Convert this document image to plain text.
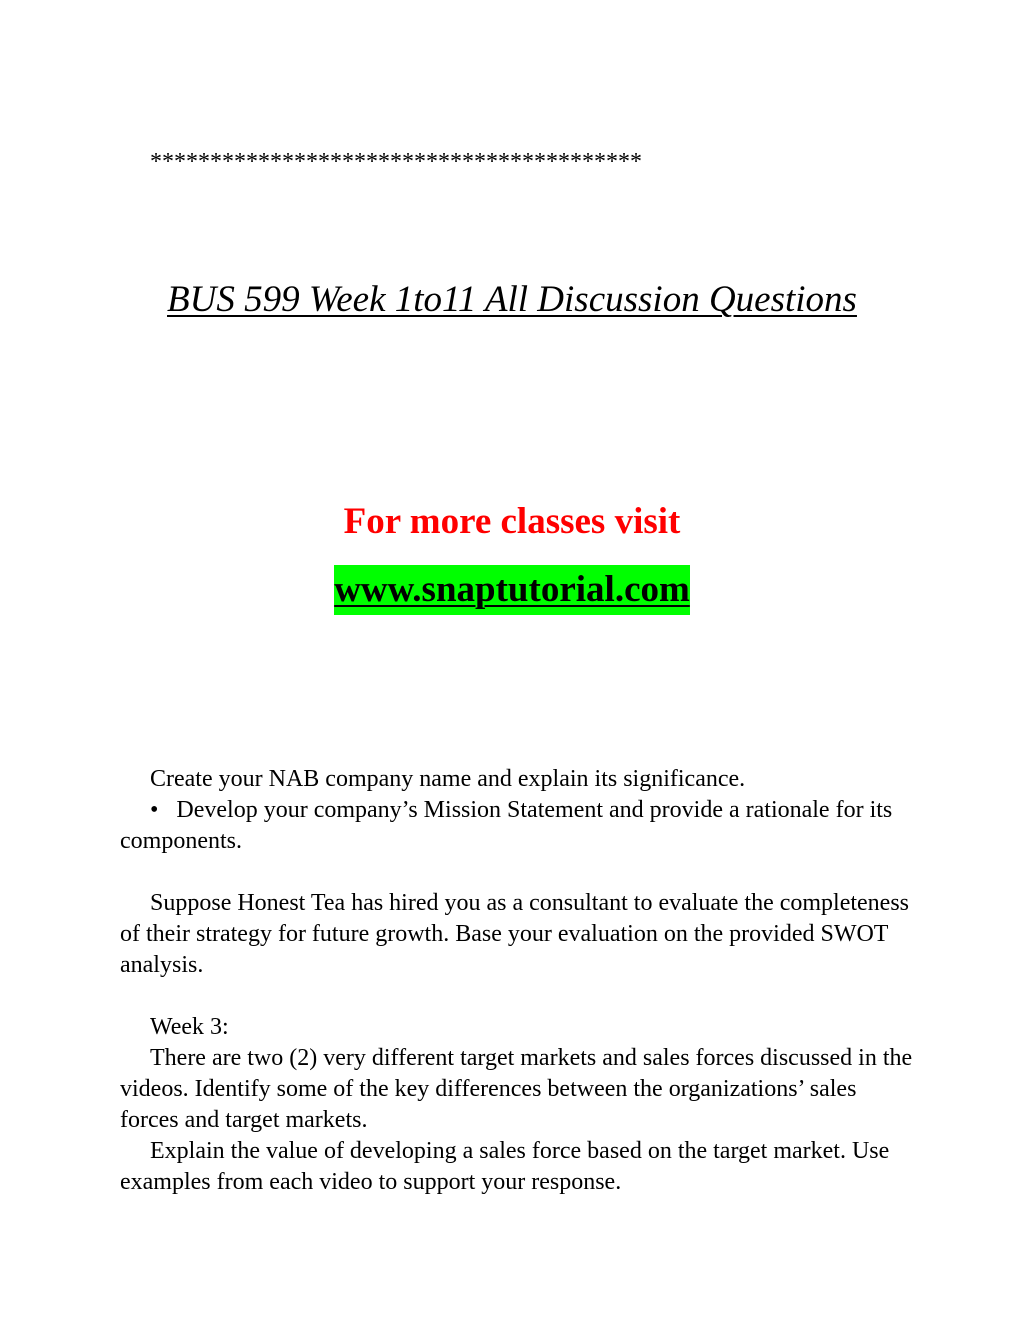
*****************************************
BUS 599 Week 1to11 All Discussion Questions
For more classes visit
www.snaptutorial.com

Create your NAB company name and explain its significance.

• Develop your company’s Mission Statement and provide a rationale for its components.

Suppose Honest Tea has hired you as a consultant to evaluate the completeness of their strategy for future growth. Base your evaluation on the provided SWOT analysis.

Week 3:

There are two (2) very different target markets and sales forces discussed in the videos. Identify some of the key differences between the organizations’ sales forces and target markets.

Explain the value of developing a sales force based on the target market. Use examples from each video to support your response.
